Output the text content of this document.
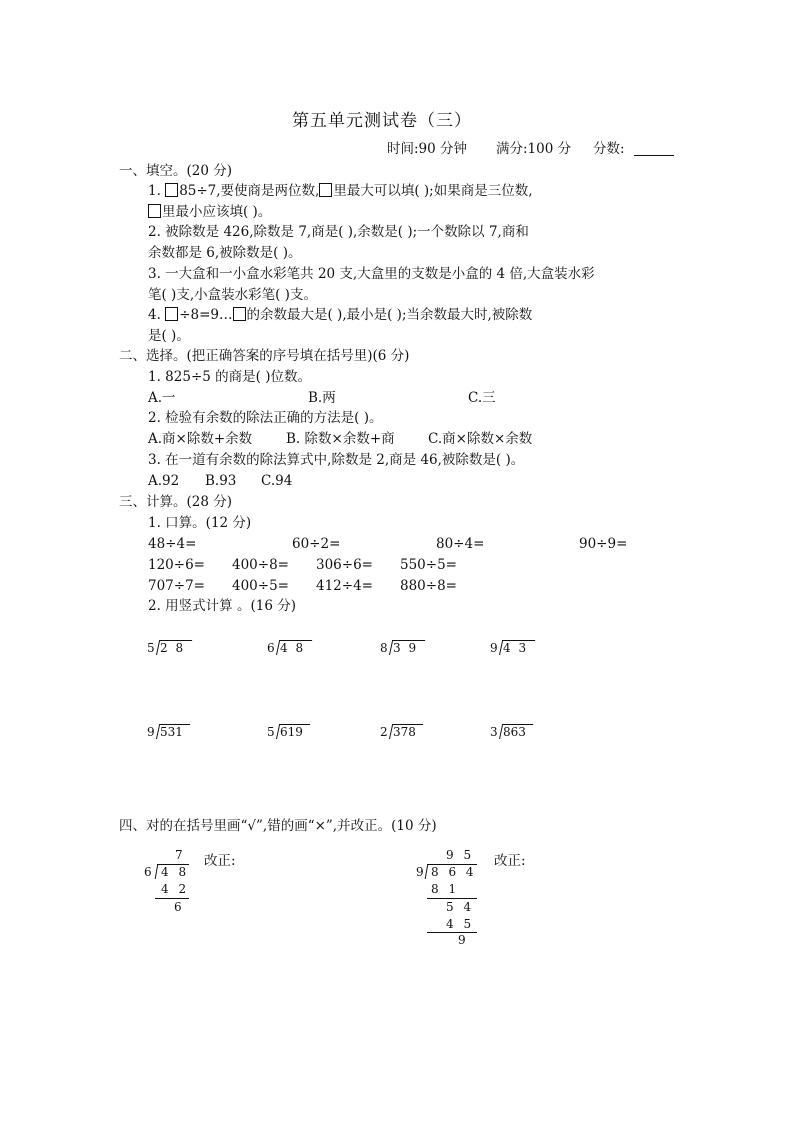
第五单元测试卷（三）
时间:90 分钟 满分:100 分 分数:
一、填空。(20 分)
1. 85÷7,要使商是两位数, 里最大可以填( );如果商是三位数,
里最小应该填( )。
2. 被除数是 426,除数是 7,商是( ),余数是( );一个数除以 7,商和
余数都是 6,被除数是( )。
3. 一大盒和一小盒水彩笔共 20 支,大盒里的支数是小盒的 4 倍,大盒装水彩
笔( )支,小盒装水彩笔( )支。
4. ÷8=9… 的余数最大是( ),最小是( );当余数最大时,被除数
是( )。
二、选择。(把正确答案的序号填在括号里)(6 分)
1. 825÷5 的商是( )位数。
A.一	B.两	C.三
2. 检验有余数的除法正确的方法是( )。
A.商×除数+余数	B. 除数×余数+商 C.商×除数×余数
3. 在一道有余数的除法算式中,除数是 2,商是 46,被除数是( )。
A.92 B.93 C.94
三、计算。(28 分)
1. 口算。(12 分)
48÷4=	60÷2=	80÷4=	90÷9=
120÷6= 400÷8= 306÷6= 550÷5=
707÷7= 400÷5= 412÷4= 880÷8=
2. 用竖式计算 。(16 分)
5 2 8	6 4 8	8 3 9	9 4 3
9 531	5 619	2 378	3 863
四、对的在括号里画“√”,错的画“×”,并改正。(10 分)
7
6 4 8
4 2
6
改正:	9 5
9 8 6 4
8 1
5 4
4 5
9
改正:
